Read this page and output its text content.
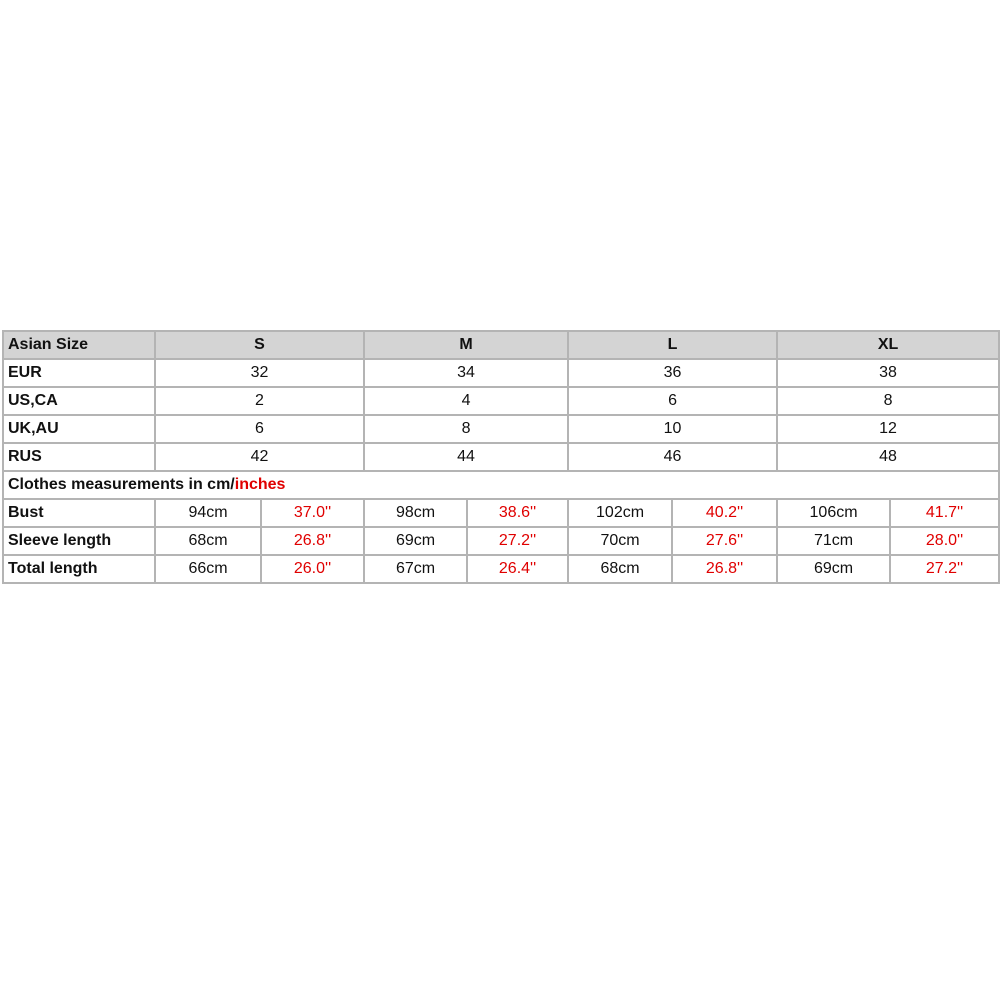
Asian Size	S		M		L		XL	
EUR	32		34		36		38	
US,CA	2		4		6		8	
UK,AU	6		8		10		12	
RUS	42		44		46		48	
Clothes measurements in cm/inches								
Bust	94cm	37.0''	98cm	38.6''	102cm	40.2''	106cm	41.7''
Sleeve length	68cm	26.8''	69cm	27.2''	70cm	27.6''	71cm	28.0''
Total length	66cm	26.0''	67cm	26.4''	68cm	26.8''	69cm	27.2''
